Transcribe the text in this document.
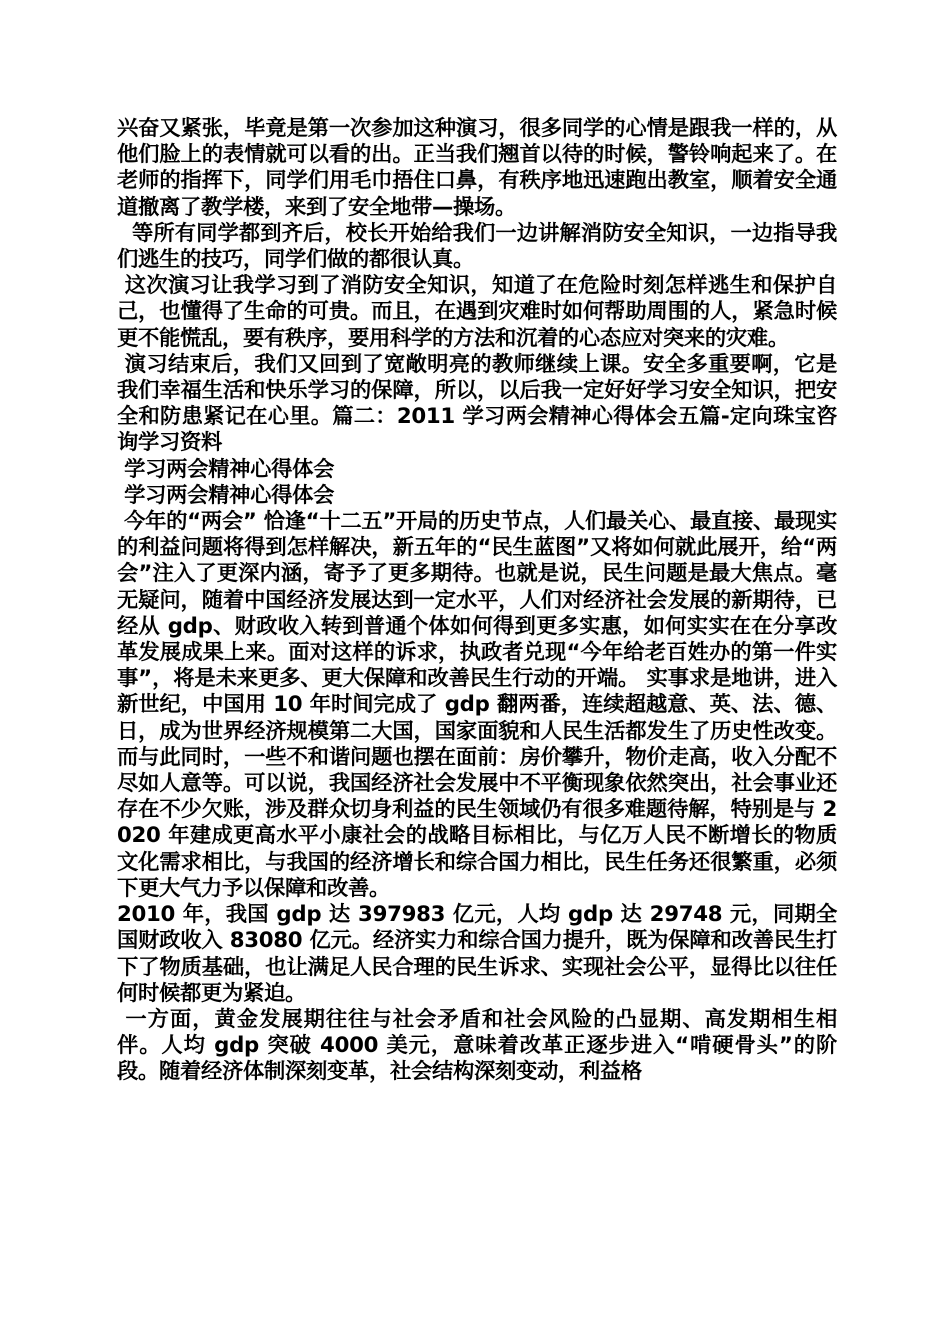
兴奋又紧张，毕竟是第一次参加这种演习，很多同学的心情是跟我一样的，从他们脸上的表情就可以看的出。正当我们翘首以待的时候，警铃响起来了。在老师的指挥下，同学们用毛巾捂住口鼻，有秩序地迅速跑出教室，顺着安全通道撤离了教学楼，来到了安全地带—操场。

等所有同学都到齐后，校长开始给我们一边讲解消防安全知识，一边指导我们逃生的技巧，同学们做的都很认真。

这次演习让我学习到了消防安全知识，知道了在危险时刻怎样逃生和保护自己，也懂得了生命的可贵。而且，在遇到灾难时如何帮助周围的人，紧急时候更不能慌乱，要有秩序，要用科学的方法和沉着的心态应对突来的灾难。

演习结束后，我们又回到了宽敞明亮的教师继续上课。安全多重要啊，它是我们幸福生活和快乐学习的保障，所以，以后我一定好好学习安全知识，把安全和防患紧记在心里。篇二：2011 学习两会精神心得体会五篇-定向珠宝咨询学习资料

学习两会精神心得体会

学习两会精神心得体会

今年的“两会” 恰逢“十二五”开局的历史节点，人们最关心、最直接、最现实的利益问题将得到怎样解决，新五年的“民生蓝图”又将如何就此展开，给“两会”注入了更深内涵，寄予了更多期待。也就是说，民生问题是最大焦点。毫无疑问，随着中国经济发展达到一定水平，人们对经济社会发展的新期待，已经从 gdp、财政收入转到普通个体如何得到更多实惠，如何实实在在分享改革发展成果上来。面对这样的诉求，执政者兑现“今年给老百姓办的第一件实事”，将是未来更多、更大保障和改善民生行动的开端。 实事求是地讲，进入新世纪，中国用 10 年时间完成了 gdp 翻两番，连续超越意、英、法、德、日，成为世界经济规模第二大国，国家面貌和人民生活都发生了历史性改变。 而与此同时，一些不和谐问题也摆在面前：房价攀升，物价走高，收入分配不尽如人意等。可以说，我国经济社会发展中不平衡现象依然突出，社会事业还存在不少欠账，涉及群众切身利益的民生领域仍有很多难题待解，特别是与 2020 年建成更高水平小康社会的战略目标相比，与亿万人民不断增长的物质文化需求相比，与我国的经济增长和综合国力相比，民生任务还很繁重，必须下更大气力予以保障和改善。

2010 年，我国 gdp 达 397983 亿元，人均 gdp 达 29748 元，同期全国财政收入 83080 亿元。经济实力和综合国力提升，既为保障和改善民生打下了物质基础，也让满足人民合理的民生诉求、实现社会公平，显得比以往任何时候都更为紧迫。

一方面，黄金发展期往往与社会矛盾和社会风险的凸显期、高发期相生相伴。人均 gdp 突破 4000 美元，意味着改革正逐步进入“啃硬骨头”的阶段。随着经济体制深刻变革，社会结构深刻变动，利益格
